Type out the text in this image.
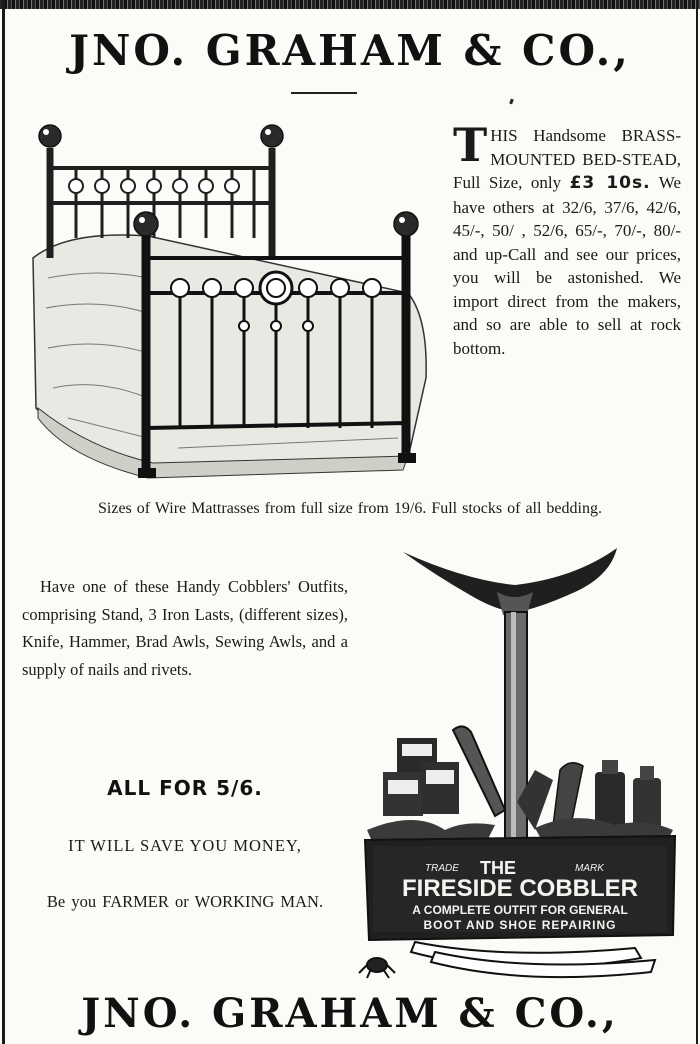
JNO. GRAHAM & CO.,
THIS Handsome BRASS-MOUNTED BED-STEAD, Full Size, only £3 10s. We have others at 32/6, 37/6, 42/6, 45/-, 50/ , 52/6, 65/-, 70/-, 80/- and up-Call and see our prices, you will be astonished. We import direct from the makers, and so are able to sell at rock bottom.
Sizes of Wire Mattrasses from full size from 19/6. Full stocks of all bedding.
Have one of these Handy Cobblers' Outfits, comprising Stand, 3 Iron Lasts, (different sizes), Knife, Hammer, Brad Awls, Sewing Awls, and a supply of nails and rivets.
ALL FOR 5/6.
IT WILL SAVE YOU MONEY,
Be you FARMER or WORKING MAN.
TRADE THE	MARK
FIRESIDE COBBLER
A COMPLETE OUTFIT FOR GENERAL
BOOT AND SHOE REPAIRING
JNO. GRAHAM & CO.,
